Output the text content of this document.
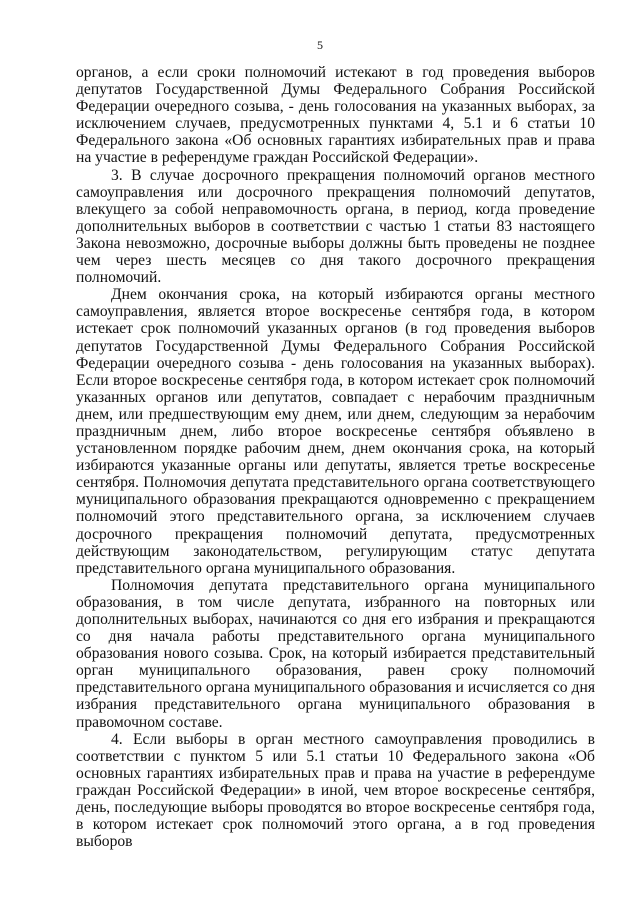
5

органов, а если сроки полномочий истекают в год проведения выборов депутатов Государственной Думы Федерального Собрания Российской Федерации очередного созыва, - день голосования на указанных выборах, за исключением случаев, предусмотренных пунктами 4, 5.1 и 6 статьи 10 Федерального закона «Об основных гарантиях избирательных прав и права на участие в референдуме граждан Российской Федерации».

3. В случае досрочного прекращения полномочий органов местного самоуправления или досрочного прекращения полномочий депутатов, влекущего за собой неправомочность органа, в период, когда проведение дополнительных выборов в соответствии с частью 1 статьи 83 настоящего Закона невозможно, досрочные выборы должны быть проведены не позднее чем через шесть месяцев со дня такого досрочного прекращения полномочий.

Днем окончания срока, на который избираются органы местного самоуправления, является второе воскресенье сентября года, в котором истекает срок полномочий указанных органов (в год проведения выборов депутатов Государственной Думы Федерального Собрания Российской Федерации очередного созыва - день голосования на указанных выборах). Если второе воскресенье сентября года, в котором истекает срок полномочий указанных органов или депутатов, совпадает с нерабочим праздничным днем, или предшествующим ему днем, или днем, следующим за нерабочим праздничным днем, либо второе воскресенье сентября объявлено в установленном порядке рабочим днем, днем окончания срока, на который избираются указанные органы или депутаты, является третье воскресенье сентября. Полномочия депутата представительного органа соответствующего муниципального образования прекращаются одновременно с прекращением полномочий этого представительного органа, за исключением случаев досрочного прекращения полномочий депутата, предусмотренных действующим законодательством, регулирующим статус депутата представительного органа муниципального образования.

Полномочия депутата представительного органа муниципального образования, в том числе депутата, избранного на повторных или дополнительных выборах, начинаются со дня его избрания и прекращаются со дня начала работы представительного органа муниципального образования нового созыва. Срок, на который избирается представительный орган муниципального образования, равен сроку полномочий представительного органа муниципального образования и исчисляется со дня избрания представительного органа муниципального образования в правомочном составе.

4. Если выборы в орган местного самоуправления проводились в соответствии с пунктом 5 или 5.1 статьи 10 Федерального закона «Об основных гарантиях избирательных прав и права на участие в референдуме граждан Российской Федерации» в иной, чем второе воскресенье сентября, день, последующие выборы проводятся во второе воскресенье сентября года, в котором истекает срок полномочий этого органа, а в год проведения выборов
